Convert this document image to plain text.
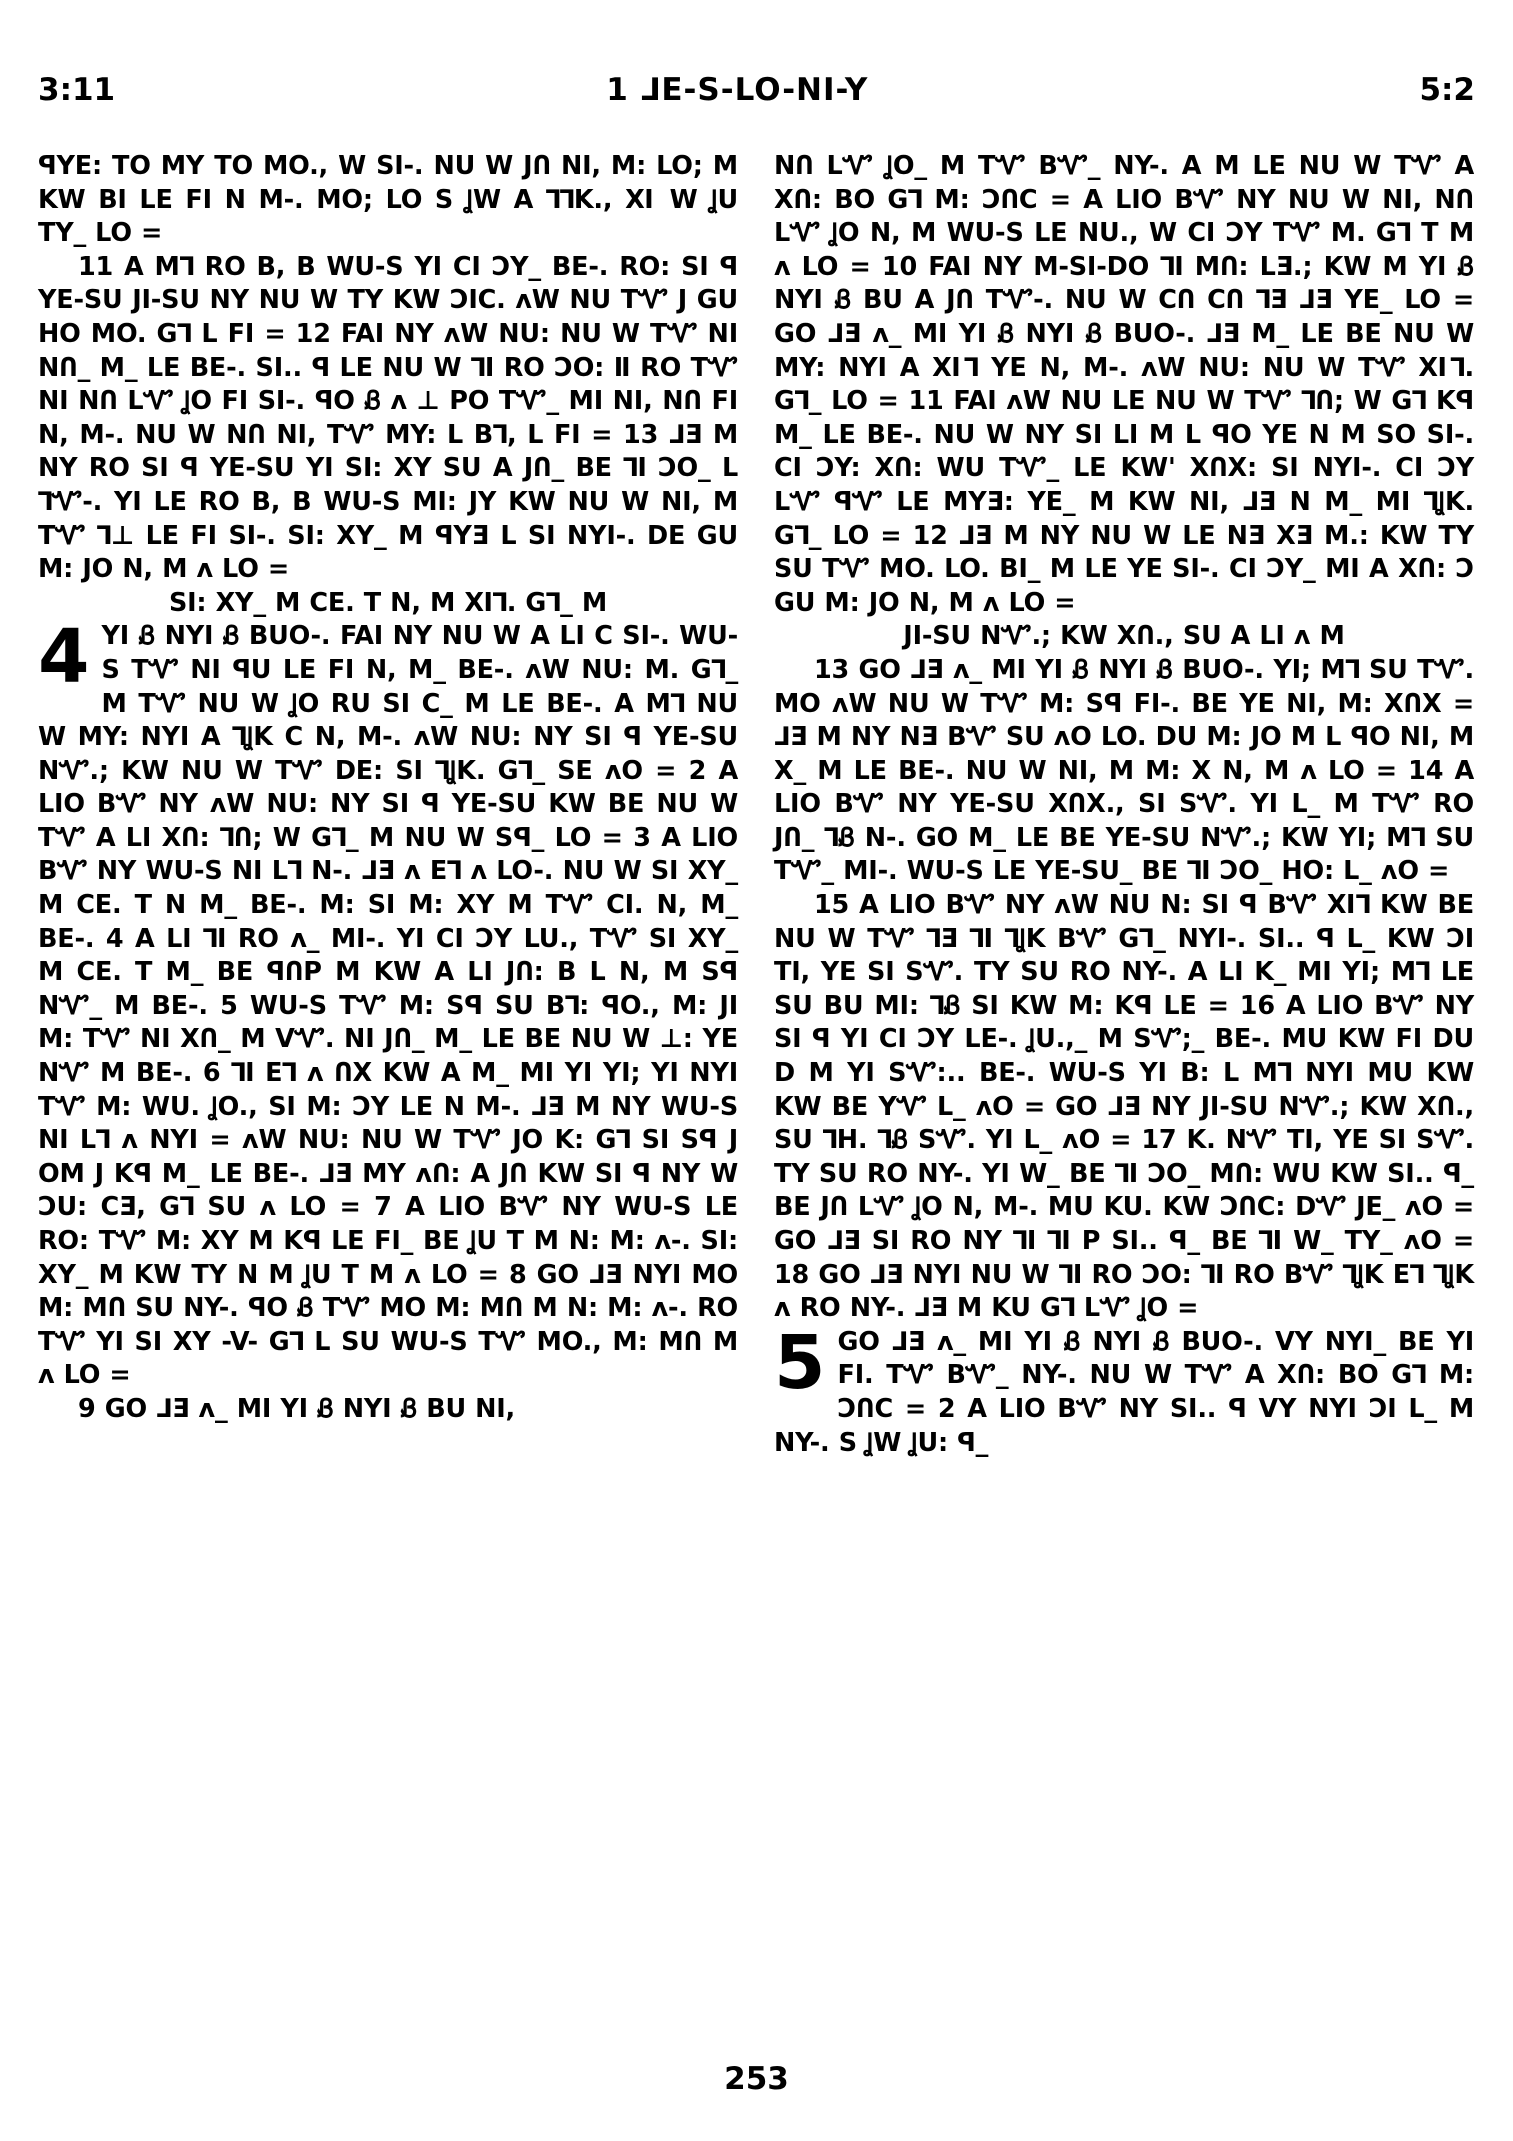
3:11	1 ⅃E-S-LO-NI-Y	5:2

ꟼYE: TO MY TO MO., W SI-. NU W JՈ NI, M: LO; M KW BI LE FI N M-. MO; LO S ꞲW A ⅂⅂K., Ⅺ W ꞲU TY_ LO =

11 A M⅂ RO B, B WU-S YI CI ƆY_ BE-. RO: SI ꟼ YE-SU JI-SU NY NU W TY KW ƆIC. ᴧW NU TᏉ J GU HO MO. G⅂ L FI = 12 FAI NY ᴧW NU: NU W TᏉ NI NՈ_ M_ LE BE-. SI.. ꟼ LE NU W ⅂I RO ƆO: Ⅱ RO TᏉ NI NՈ LᏉ ꞲO FI SI-. ꟼO Ᏸ ᴧ ⊥ PO TᏉ_ MI NI, NՈ FI N, M-. NU W NՈ NI, TᏉ MY: L B⅂, L FI = 13 ⅃Ǝ M NY RO SI ꟼ YE-SU YI SI: XY SU A JՈ_ BE ⅂I ƆO_ L ⅂Ꮙ-. YI LE RO B, B WU-S MI: JY KW NU W NI, M TᏉ ⅂⊥ LE FI SI-. SI: XY_ M ꟼYƎ L SI NYI-. DE GU M: JO N, M ᴧ LO =

SI: XY_ M CE. T N, M Ⅺ⅂. G⅂_ M

4 YI Ᏸ NYI Ᏸ BUO-. FAI NY NU W A LI C SI-. WU-S TᏉ NI ꟼU LE FI N, M_ BE-. ᴧW NU: M. G⅂_ M TᏉ NU W ꞲO RU SI C_ M LE BE-. A M⅂ NU W MY: NYI A ⅂ꞲK C N, M-. ᴧW NU: NY SI ꟼ YE-SU NᏉ.; KW NU W TᏉ DE: SI ⅂ꞲK. G⅂_ SE ᴧO = 2 A LIO BᏉ NY ᴧW NU: NY SI ꟼ YE-SU KW BE NU W TᏉ A LI XՈ: ⅂Ո; W G⅂_ M NU W Sꟼ_ LO = 3 A LIO BᏉ NY WU-S NI L⅂ N-. ⅃Ǝ ᴧ E⅂ ᴧ LO-. NU W SI XY_ M CE. T N M_ BE-. M: SI M: XY M TᏉ CI. N, M_ BE-. 4 A LI ⅂I RO ᴧ_ MI-. YI CI ƆY LU., TᏉ SI XY_ M CE. T M_ BE ꟼՈP M KW A LI JՈ: B L N, M Sꟼ NᏉ_ M BE-. 5 WU-S TᏉ M: Sꟼ SU B⅂: ꟼO., M: JI M: TᏉ NI XՈ_ M VᏉ. NI JՈ_ M_ LE BE NU W ⊥: YE NᏉ M BE-. 6 ⅂I E⅂ ᴧ ՈX KW A M_ MI YI YI; YI NYI TᏉ M: WU. ꞲO., SI M: ƆY LE N M-. ⅃Ǝ M NY WU-S NI L⅂ ᴧ NYI = ᴧW NU: NU W TᏉ JO K: G⅂ SI Sꟼ J OM J Kꟼ M_ LE BE-. ⅃Ǝ MY ᴧՈ: A JՈ KW SI ꟼ NY W ƆU: CƎ, G⅂ SU ᴧ LO = 7 A LIO BᏉ NY WU-S LE RO: TᏉ M: XY M Kꟼ LE FI_ BE ꞲU T M N: M: ᴧ-. SI: XY_ M KW TY N M ꞲU T M ᴧ LO = 8 GO ⅃Ǝ NYI MO M: MՈ SU NY-. ꟼO Ᏸ TᏉ MO M: MՈ M N: M: ᴧ-. RO TᏉ YI SI XY -V- G⅂ L SU WU-S TᏉ MO., M: MՈ M ᴧ LO =

9 GO ⅃Ǝ ᴧ_ MI YI Ᏸ NYI Ᏸ BU NI,

NՈ LᏉ ꞲO_ M TᏉ BᏉ_ NY-. A M LE NU W TᏉ A XՈ: BO G⅂ M: ƆՈC = A LIO BᏉ NY NU W NI, NՈ LᏉ ꞲO N, M WU-S LE NU., W CI ƆY TᏉ M. G⅂ T M ᴧ LO = 10 FAI NY M-SI-DO ⅂I MՈ: LƎ.; KW M YI Ᏸ NYI Ᏸ BU A JՈ TᏉ-. NU W CՈ CՈ ⅂Ǝ ⅃Ǝ YE_ LO = GO ⅃Ǝ ᴧ_ MI YI Ᏸ NYI Ᏸ BUO-. ⅃Ǝ M_ LE BE NU W MY: NYI A Ⅺ⅂ YE N, M-. ᴧW NU: NU W TᏉ Ⅺ⅂. G⅂_ LO = 11 FAI ᴧW NU LE NU W TᏉ ⅂Ո; W G⅂ Kꟼ M_ LE BE-. NU W NY SI LI M L ꟼO YE N M SO SI-. CI ƆY: XՈ: WU TᏉ_ LE KW' XՈX: SI NYI-. CI ƆY LᏉ ꟼᏉ LE MYƎ: YE_ M KW NI, ⅃Ǝ N M_ MI ⅂ꞲK. G⅂_ LO = 12 ⅃Ǝ M NY NU W LE NƎ XƎ M.: KW TY SU TᏉ MO. LO. BI_ M LE YE SI-. CI ƆY_ MI A XՈ: Ɔ GU M: JO N, M ᴧ LO =

JI-SU NᏉ.; KW XՈ., SU A LI ᴧ M

13 GO ⅃Ǝ ᴧ_ MI YI Ᏸ NYI Ᏸ BUO-. YI; M⅂ SU TᏉ. MO ᴧW NU W TᏉ M: Sꟼ FI-. BE YE NI, M: XՈX = ⅃Ǝ M NY NƎ BᏉ SU ᴧO LO. DU M: JO M L ꟼO NI, M X_ M LE BE-. NU W NI, M M: X N, M ᴧ LO = 14 A LIO BᏉ NY YE-SU XՈX., SI SᏉ. YI L_ M TᏉ RO JՈ_ ⅂Ᏸ N-. GO M_ LE BE YE-SU NᏉ.; KW YI; M⅂ SU TᏉ_ MI-. WU-S LE YE-SU_ BE ⅂I ƆO_ HO: L_ ᴧO =

15 A LIO BᏉ NY ᴧW NU N: SI ꟼ BᏉ Ⅺ⅂ KW BE NU W TᏉ ⅂Ǝ ⅂I ⅂ꞲK BᏉ G⅂_ NYI-. SI.. ꟼ L_ KW ƆI TI, YE SI SᏉ. TY SU RO NY-. A LI K_ MI YI; M⅂ LE SU BU MI: ⅂Ᏸ SI KW M: Kꟼ LE = 16 A LIO BᏉ NY SI ꟼ YI CI ƆY LE-. ꞲU.,_ M SᏉ;_ BE-. MU KW FI DU D M YI SᏉ:.. BE-. WU-S YI B: L M⅂ NYI MU KW KW BE YᏉ L_ ᴧO = GO ⅃Ǝ NY JI-SU NᏉ.; KW XՈ., SU ⅂H. ⅂Ᏸ SᏉ. YI L_ ᴧO = 17 K. NᏉ TI, YE SI SᏉ. TY SU RO NY-. YI W_ BE ⅂I ƆO_ MՈ: WU KW SI.. ꟼ_ BE JՈ LᏉ ꞲO N, M-. MU KU. KW ƆՈC: DᏉ JE_ ᴧO = GO ⅃Ǝ SI RO NY ⅂I ⅂I P SI.. ꟼ_ BE ⅂I W_ TY_ ᴧO = 18 GO ⅃Ǝ NYI NU W ⅂I RO ƆO: ⅂I RO BᏉ ⅂ꞲK E⅂ ⅂ꞲK ᴧ RO NY-. ⅃Ǝ M KU G⅂ LᏉ ꞲO =

5 GO ⅃Ǝ ᴧ_ MI YI Ᏸ NYI Ᏸ BUO-. VY NYI_ BE YI FI. TᏉ BᏉ_ NY-. NU W TᏉ A XՈ: BO G⅂ M: ƆՈC = 2 A LIO BᏉ NY SI.. ꟼ VY NYI ƆI L_ M NY-. S ꞲW ꞲU: ꟼ_

253
